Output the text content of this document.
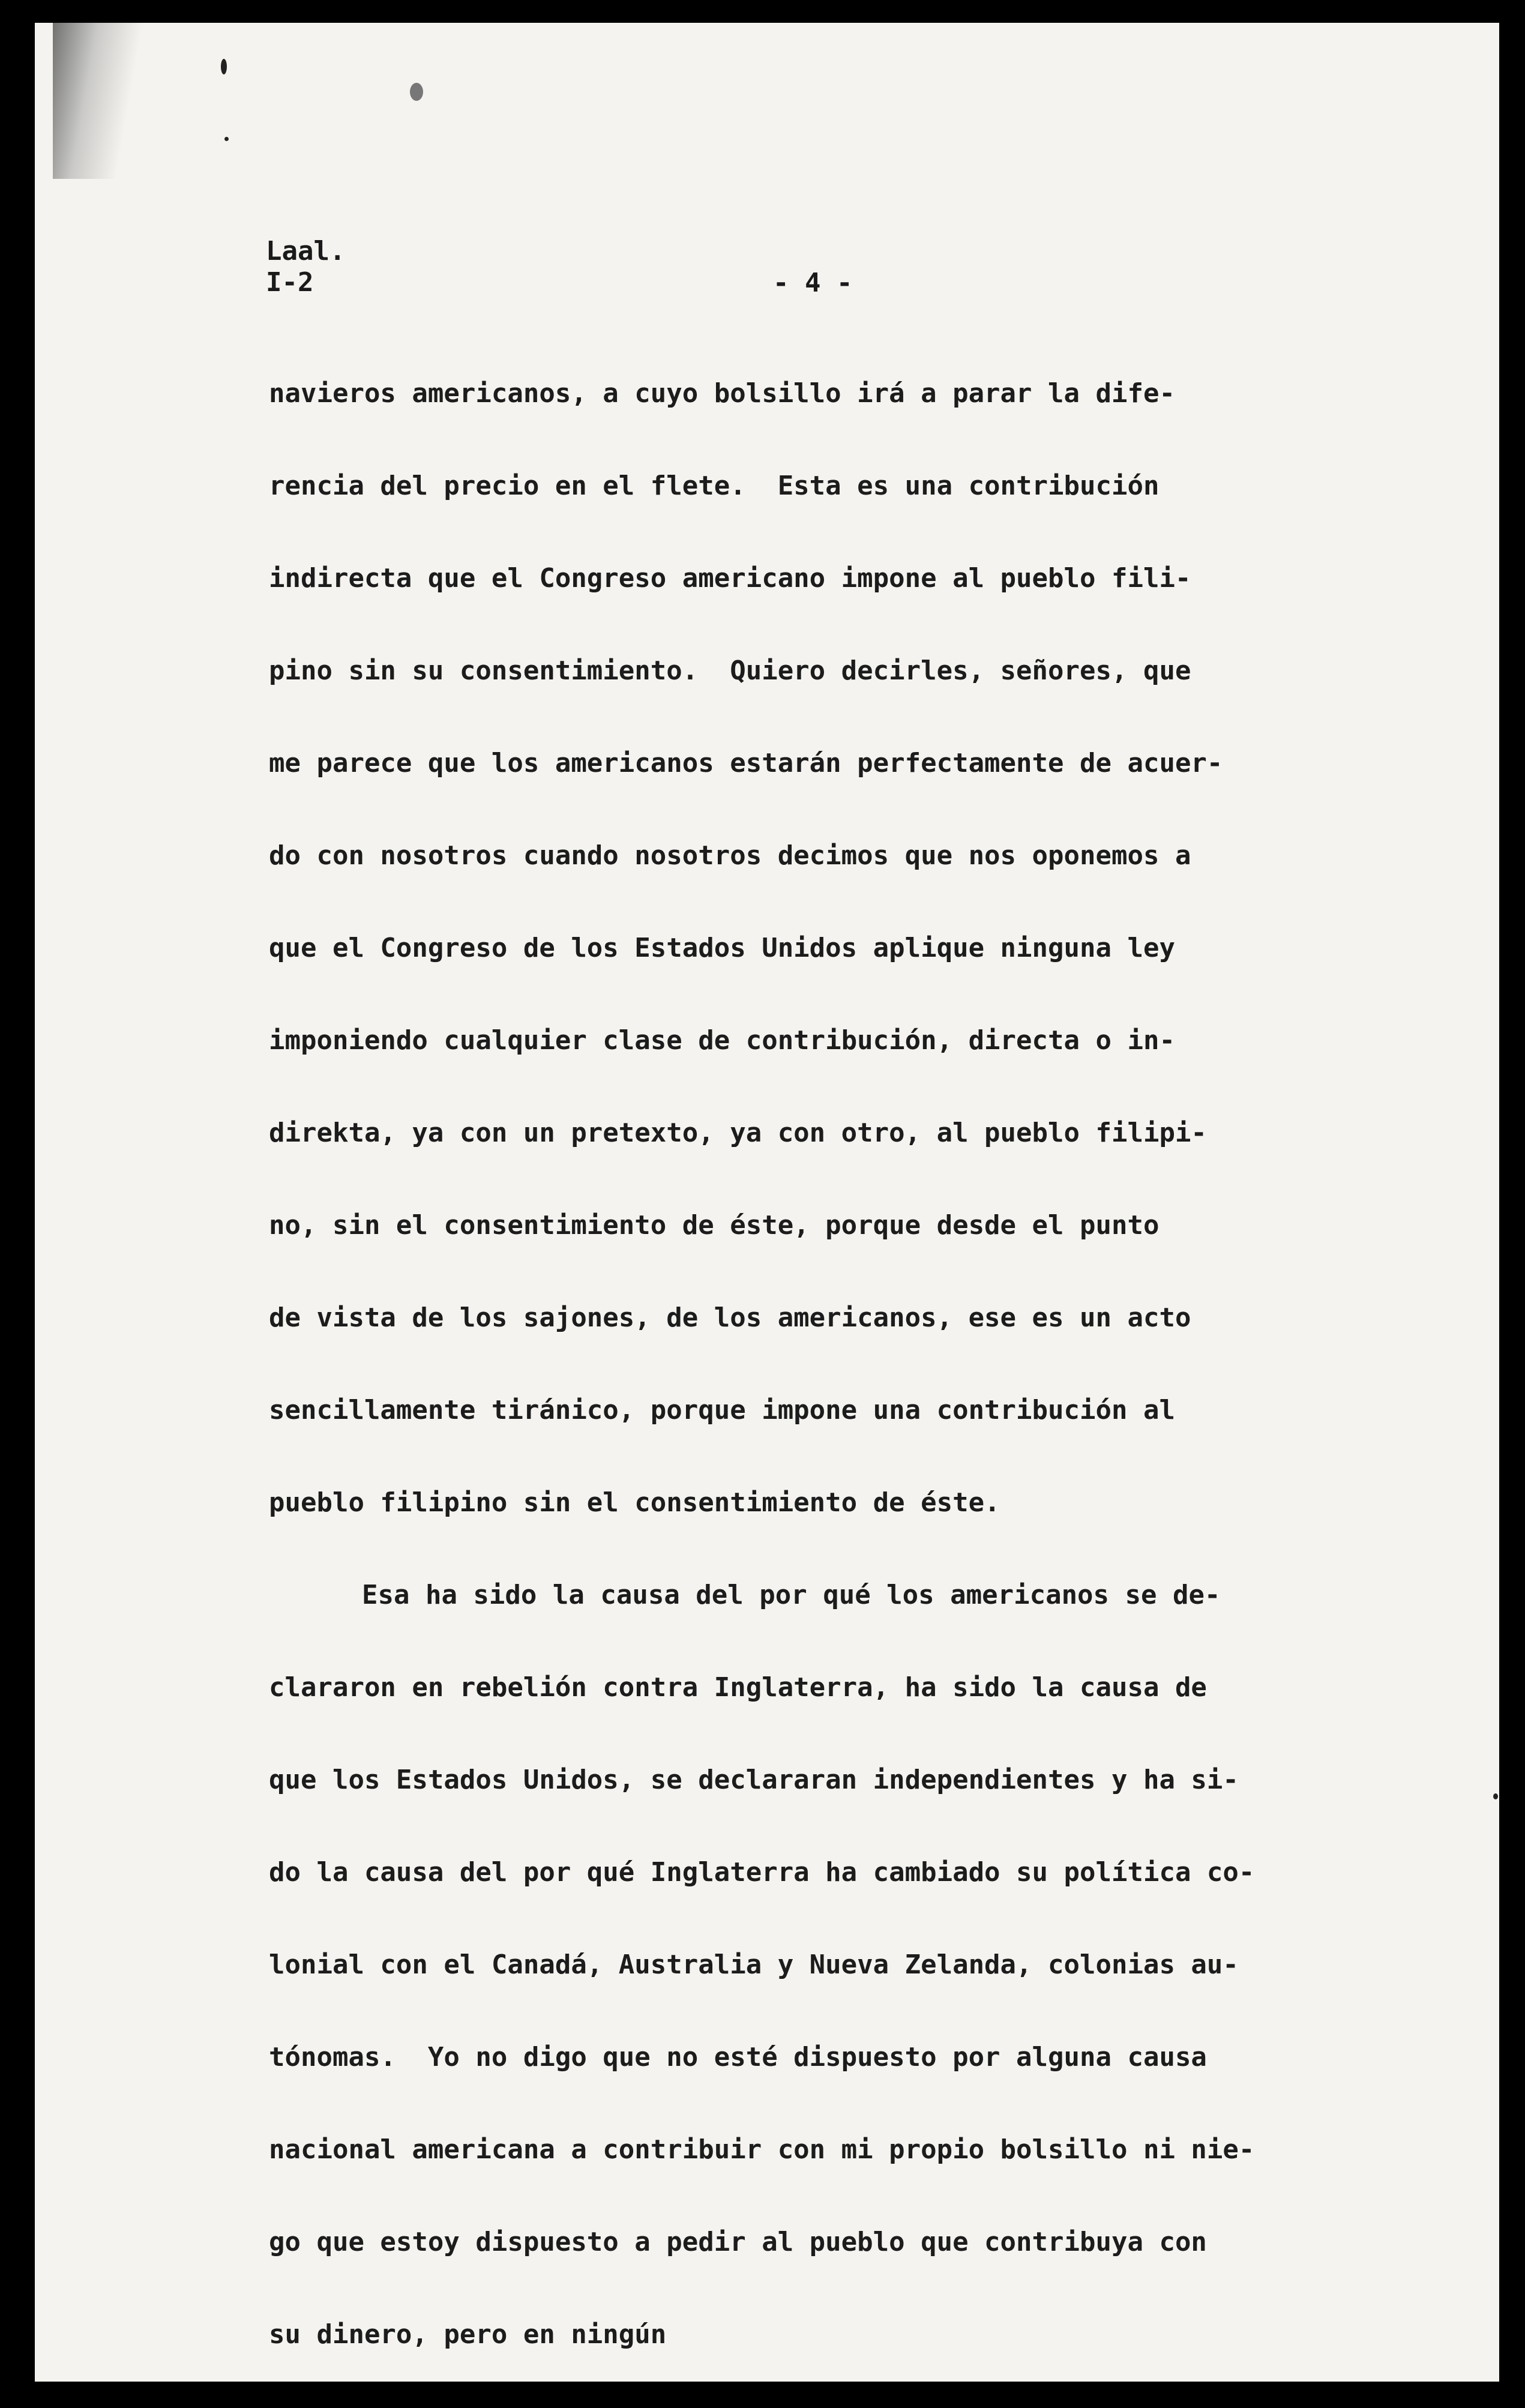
Laal.
I-2	- 4 -
navieros americanos, a cuyo bolsillo irá a parar la dife-
rencia del precio en el flete.  Esta es una contribución
indirecta que el Congreso americano impone al pueblo fili-
pino sin su consentimiento.  Quiero decirles, señores, que
me parece que los americanos estarán perfectamente de acuer-
do con nosotros cuando nosotros decimos que nos oponemos a
que el Congreso de los Estados Unidos aplique ninguna ley
imponiendo cualquier clase de contribución, directa o in-
direkta, ya con un pretexto, ya con otro, al pueblo filipi-
no, sin el consentimiento de éste, porque desde el punto
de vista de los sajones, de los americanos, ese es un acto
sencillamente tiránico, porque impone una contribución al
pueblo filipino sin el consentimiento de éste.
Esa ha sido la causa del por qué los americanos se de-
clararon en rebelión contra Inglaterra, ha sido la causa de
que los Estados Unidos, se declararan independientes y ha si-
do la causa del por qué Inglaterra ha cambiado su política co-
lonial con el Canadá, Australia y Nueva Zelanda, colonias au-
tónomas.  Yo no digo que no esté dispuesto por alguna causa
nacional americana a contribuir con mi propio bolsillo ni nie-
go que estoy dispuesto a pedir al pueblo que contribuya con
su dinero, pero en ningún
